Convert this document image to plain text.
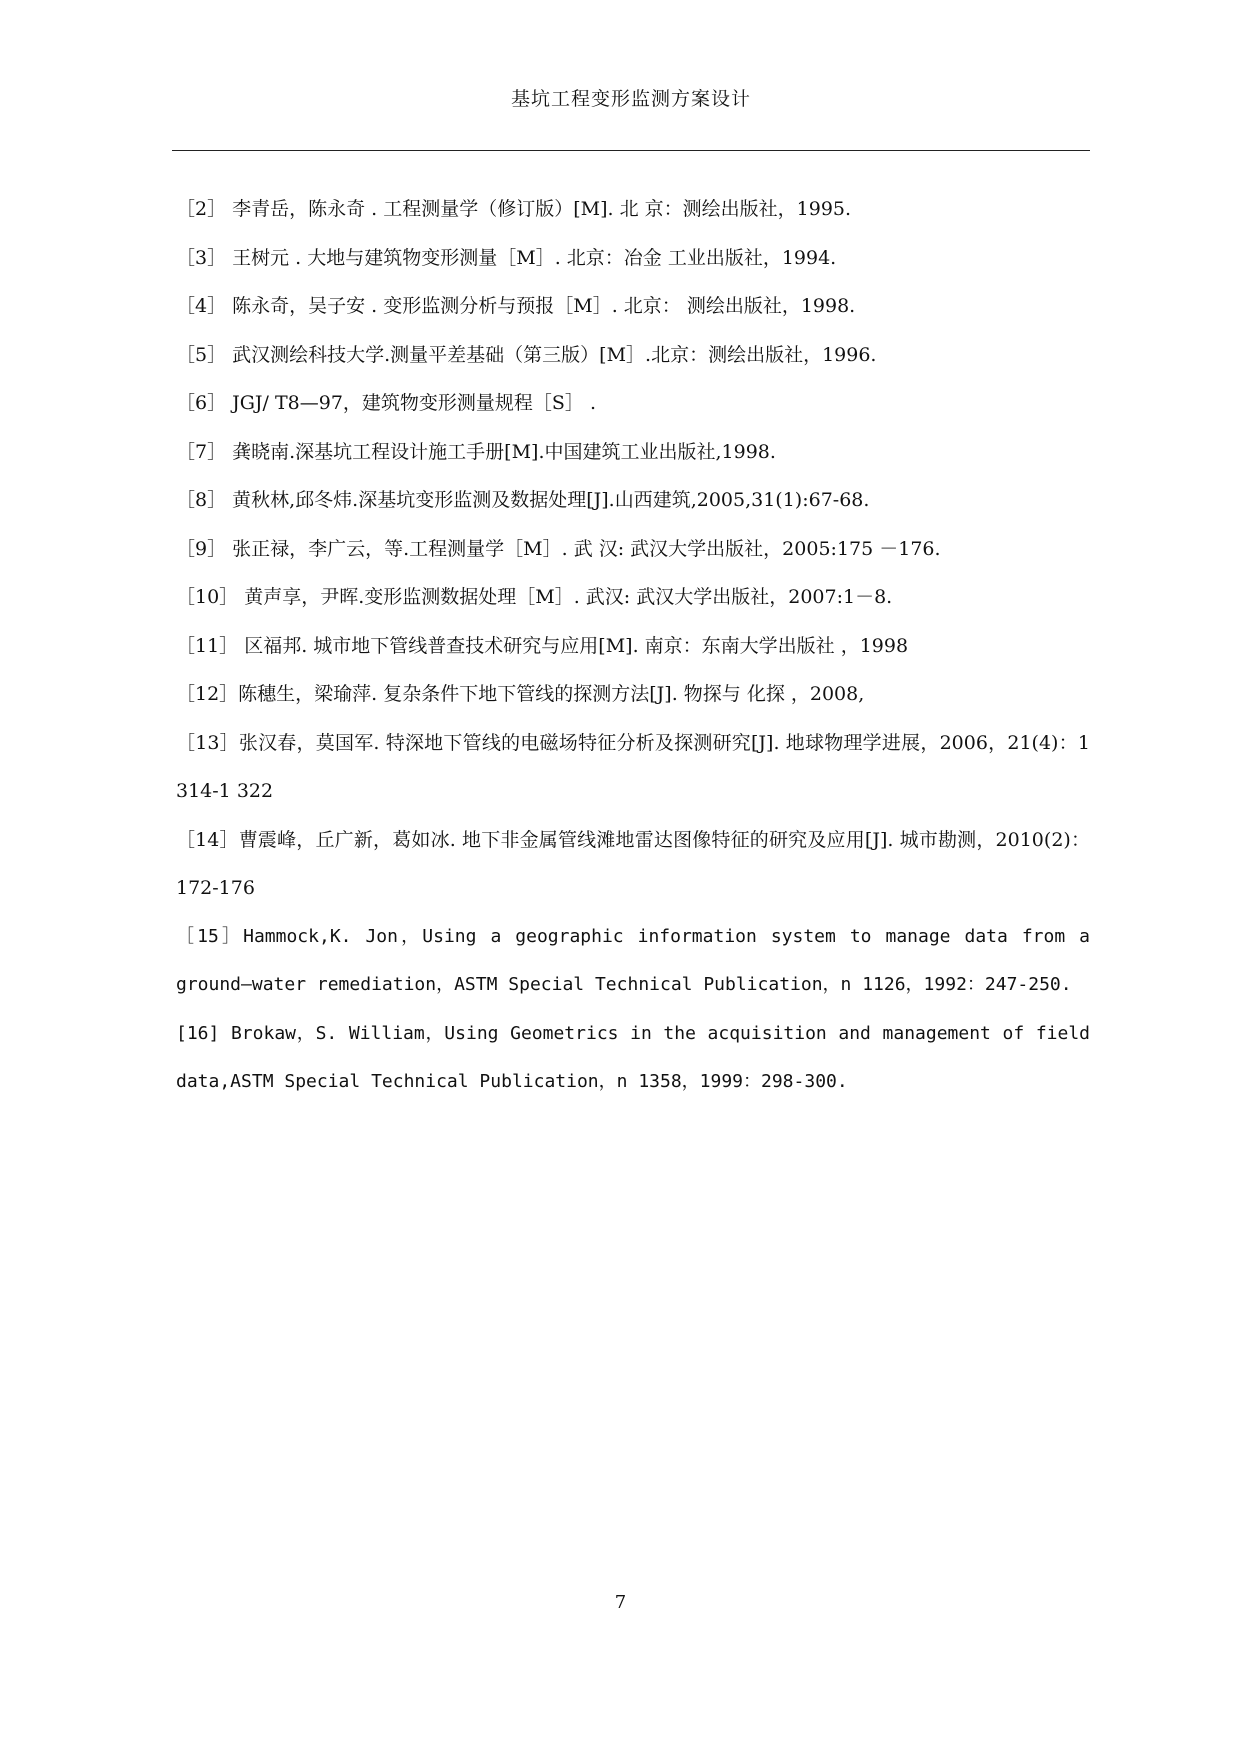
基坑工程变形监测方案设计

［2］ 李青岳，陈永奇 . 工程测量学（修订版）[M]. 北 京：测绘出版社，1995.

［3］ 王树元 . 大地与建筑物变形测量［M］. 北京：冶金 工业出版社，1994.

［4］ 陈永奇，吴子安 . 变形监测分析与预报［M］. 北京： 测绘出版社，1998.

［5］ 武汉测绘科技大学.测量平差基础（第三版）[M］.北京：测绘出版社，1996.

［6］ JGJ/ T8—97，建筑物变形测量规程［S］ .

［7］ 龚晓南.深基坑工程设计施工手册[M].中国建筑工业出版社,1998.

［8］ 黄秋林,邱冬炜.深基坑变形监测及数据处理[J].山西建筑,2005,31(1):67-68.

［9］ 张正禄，李广云，等.工程测量学［M］. 武 汉: 武汉大学出版社，2005:175 －176.

［10］ 黄声享，尹晖.变形监测数据处理［M］. 武汉: 武汉大学出版社，2007:1－8.

［11］ 区福邦. 城市地下管线普查技术研究与应用[M]. 南京：东南大学出版社 ，1998

［12］陈穗生，梁瑜萍. 复杂条件下地下管线的探测方法[J]. 物探与 化探 ，2008,

［13］张汉春，莫国军. 特深地下管线的电磁场特征分析及探测研究[J]. 地球物理学进展，2006，21(4)：1 314-1 322

［14］曹震峰，丘广新，葛如冰. 地下非金属管线滩地雷达图像特征的研究及应用[J]. 城市勘测，2010(2)：172-176

［15］Hammock,K. Jon，Using a geographic information system to manage data from a ground—water remediation，ASTM Special Technical Publication，n 1126，1992：247-250.

[16] Brokaw，S. William，Using Geometrics in the acquisition and management of field data,ASTM Special Technical Publication，n 1358，1999：298-300.

7
